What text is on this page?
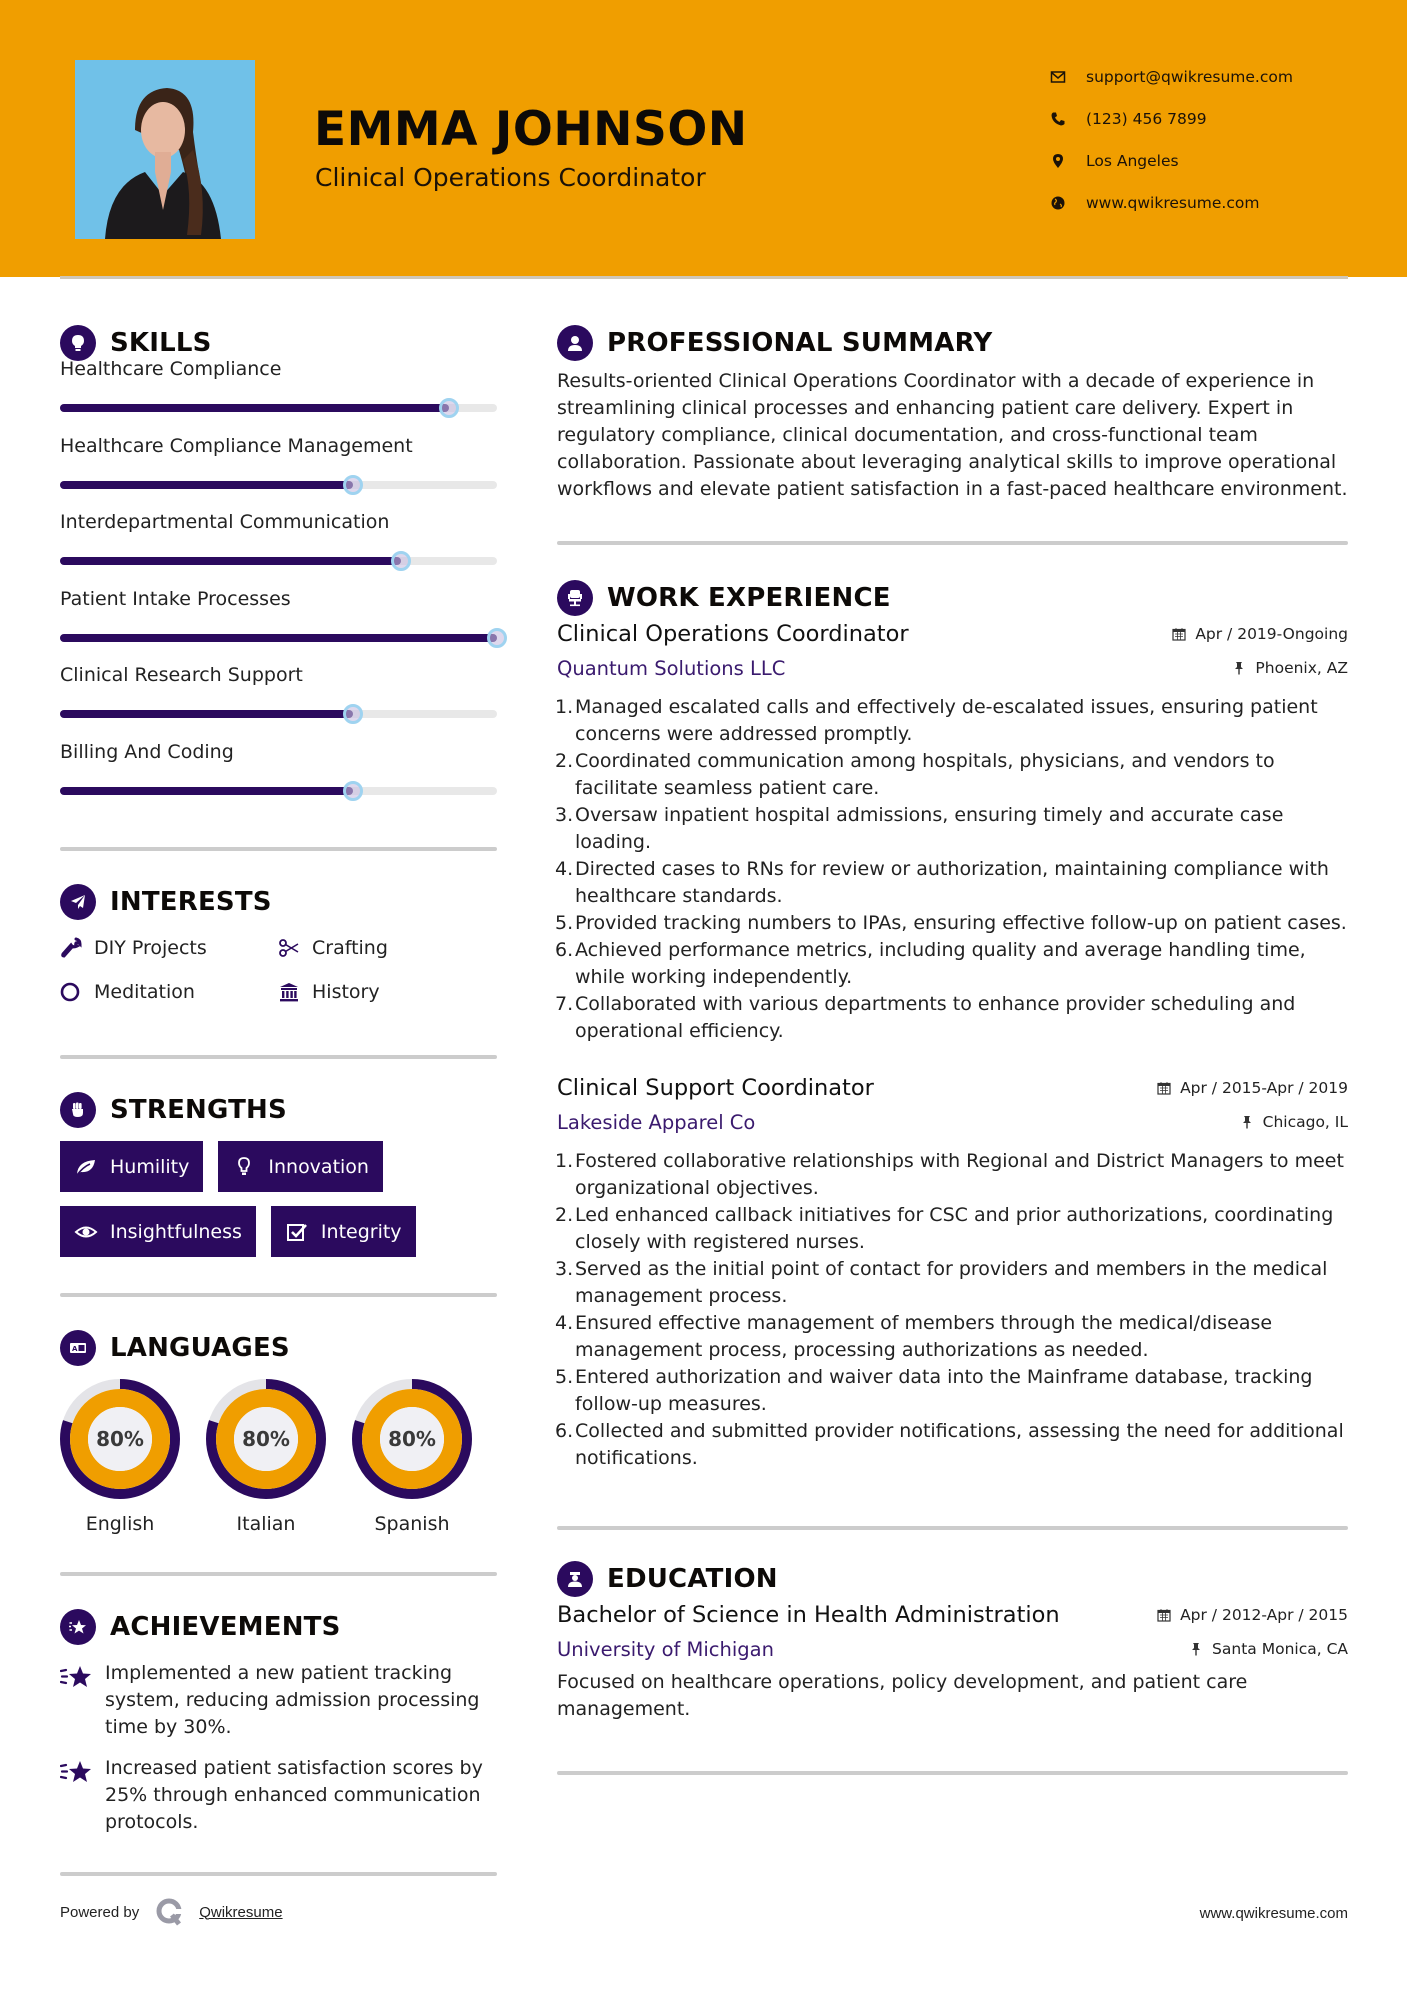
EMMA JOHNSON
Clinical Operations Coordinator
support@qwikresume.com
(123) 456 7899
Los Angeles
www.qwikresume.com
SKILLS
Healthcare Compliance
Healthcare Compliance Management
Interdepartmental Communication
Patient Intake Processes
Clinical Research Support
Billing And Coding
INTERESTS
DIY Projects	Crafting
Meditation	History
STRENGTHS
Humility	Innovation
Insightfulness	Integrity
A LANGUAGES
80%
English
80%
Italian
80%
Spanish
ACHIEVEMENTS
Implemented a new patient tracking system, reducing admission processing time by 30%.
Increased patient satisfaction scores by 25% through enhanced communication protocols.
PROFESSIONAL SUMMARY

Results-oriented Clinical Operations Coordinator with a decade of experience in streamlining clinical processes and enhancing patient care delivery. Expert in regulatory compliance, clinical documentation, and cross-functional team collaboration. Passionate about leveraging analytical skills to improve operational workflows and elevate patient satisfaction in a fast-paced healthcare environment.

WORK EXPERIENCE
Clinical Operations Coordinator	Apr / 2019-Ongoing
Quantum Solutions LLC	Phoenix, AZ
1. Managed escalated calls and effectively de-escalated issues, ensuring patient concerns were addressed promptly.
2. Coordinated communication among hospitals, physicians, and vendors to facilitate seamless patient care.
3. Oversaw inpatient hospital admissions, ensuring timely and accurate case loading.
4. Directed cases to RNs for review or authorization, maintaining compliance with healthcare standards.
5. Provided tracking numbers to IPAs, ensuring effective follow-up on patient cases.
6. Achieved performance metrics, including quality and average handling time, while working independently.
7. Collaborated with various departments to enhance provider scheduling and operational efficiency.
Clinical Support Coordinator	Apr / 2015-Apr / 2019
Lakeside Apparel Co	Chicago, IL
1. Fostered collaborative relationships with Regional and District Managers to meet organizational objectives.
2. Led enhanced callback initiatives for CSC and prior authorizations, coordinating closely with registered nurses.
3. Served as the initial point of contact for providers and members in the medical management process.
4. Ensured effective management of members through the medical/disease management process, processing authorizations as needed.
5. Entered authorization and waiver data into the Mainframe database, tracking follow-up measures.
6. Collected and submitted provider notifications, assessing the need for additional notifications.
EDUCATION
Bachelor of Science in Health Administration	Apr / 2012-Apr / 2015
University of Michigan	Santa Monica, CA

Focused on healthcare operations, policy development, and patient care management.

Powered by	Qwikresume	www.qwikresume.com
